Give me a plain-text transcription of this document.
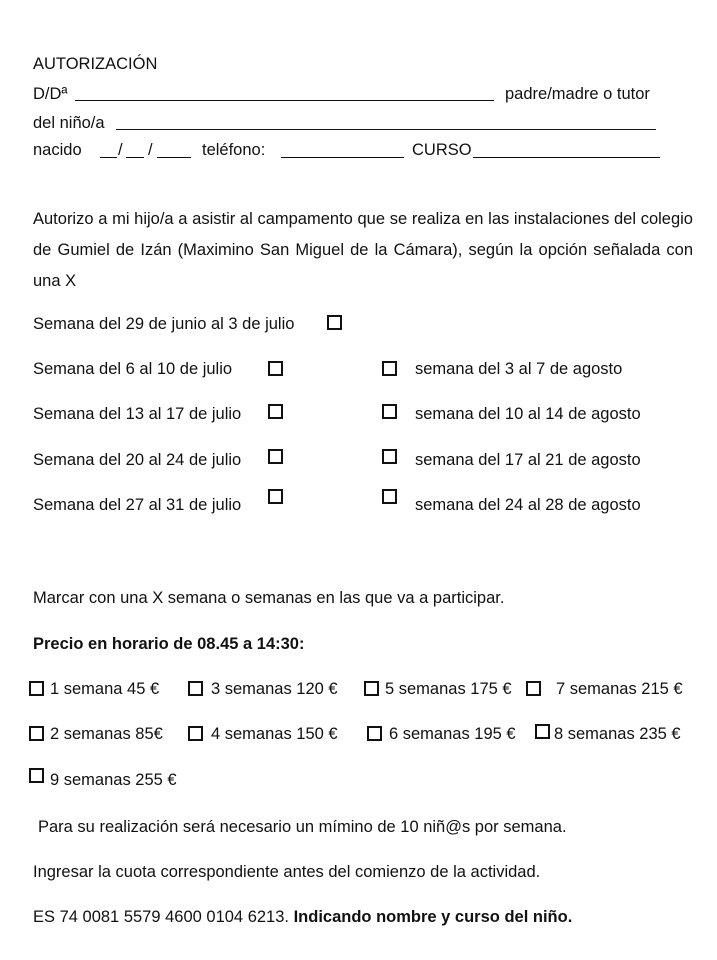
AUTORIZACIÓN
D/Dª	padre/madre o tutor
del niño/a
nacido / /	teléfono:	CURSO
Autorizo a mi hijo/a a asistir al campamento que se realiza en las instalaciones del colegio de Gumiel de Izán (Maximino San Miguel de la Cámara), según la opción señalada con una X
Semana del 29 de junio al 3 de julio
Semana del 6 al 10 de julio	semana del 3 al 7 de agosto
Semana del 13 al 17 de julio	semana del 10 al 14 de agosto
Semana del 20 al 24 de julio	semana del 17 al 21 de agosto
Semana del 27 al 31 de julio	semana del 24 al 28 de agosto
Marcar con una X semana o semanas en las que va a participar.
Precio en horario de 08.45 a 14:30:
1 semana 45 €	3 semanas 120 €	5 semanas 175 €	7 semanas 215 €
2 semanas 85€	4 semanas 150 €	6 semanas 195 € 8 semanas 235 €
9 semanas 255 €
Para su realización será necesario un mímino de 10 niñ@s por semana.
Ingresar la cuota correspondiente antes del comienzo de la actividad.
ES 74 0081 5579 4600 0104 6213. Indicando nombre y curso del niño.
